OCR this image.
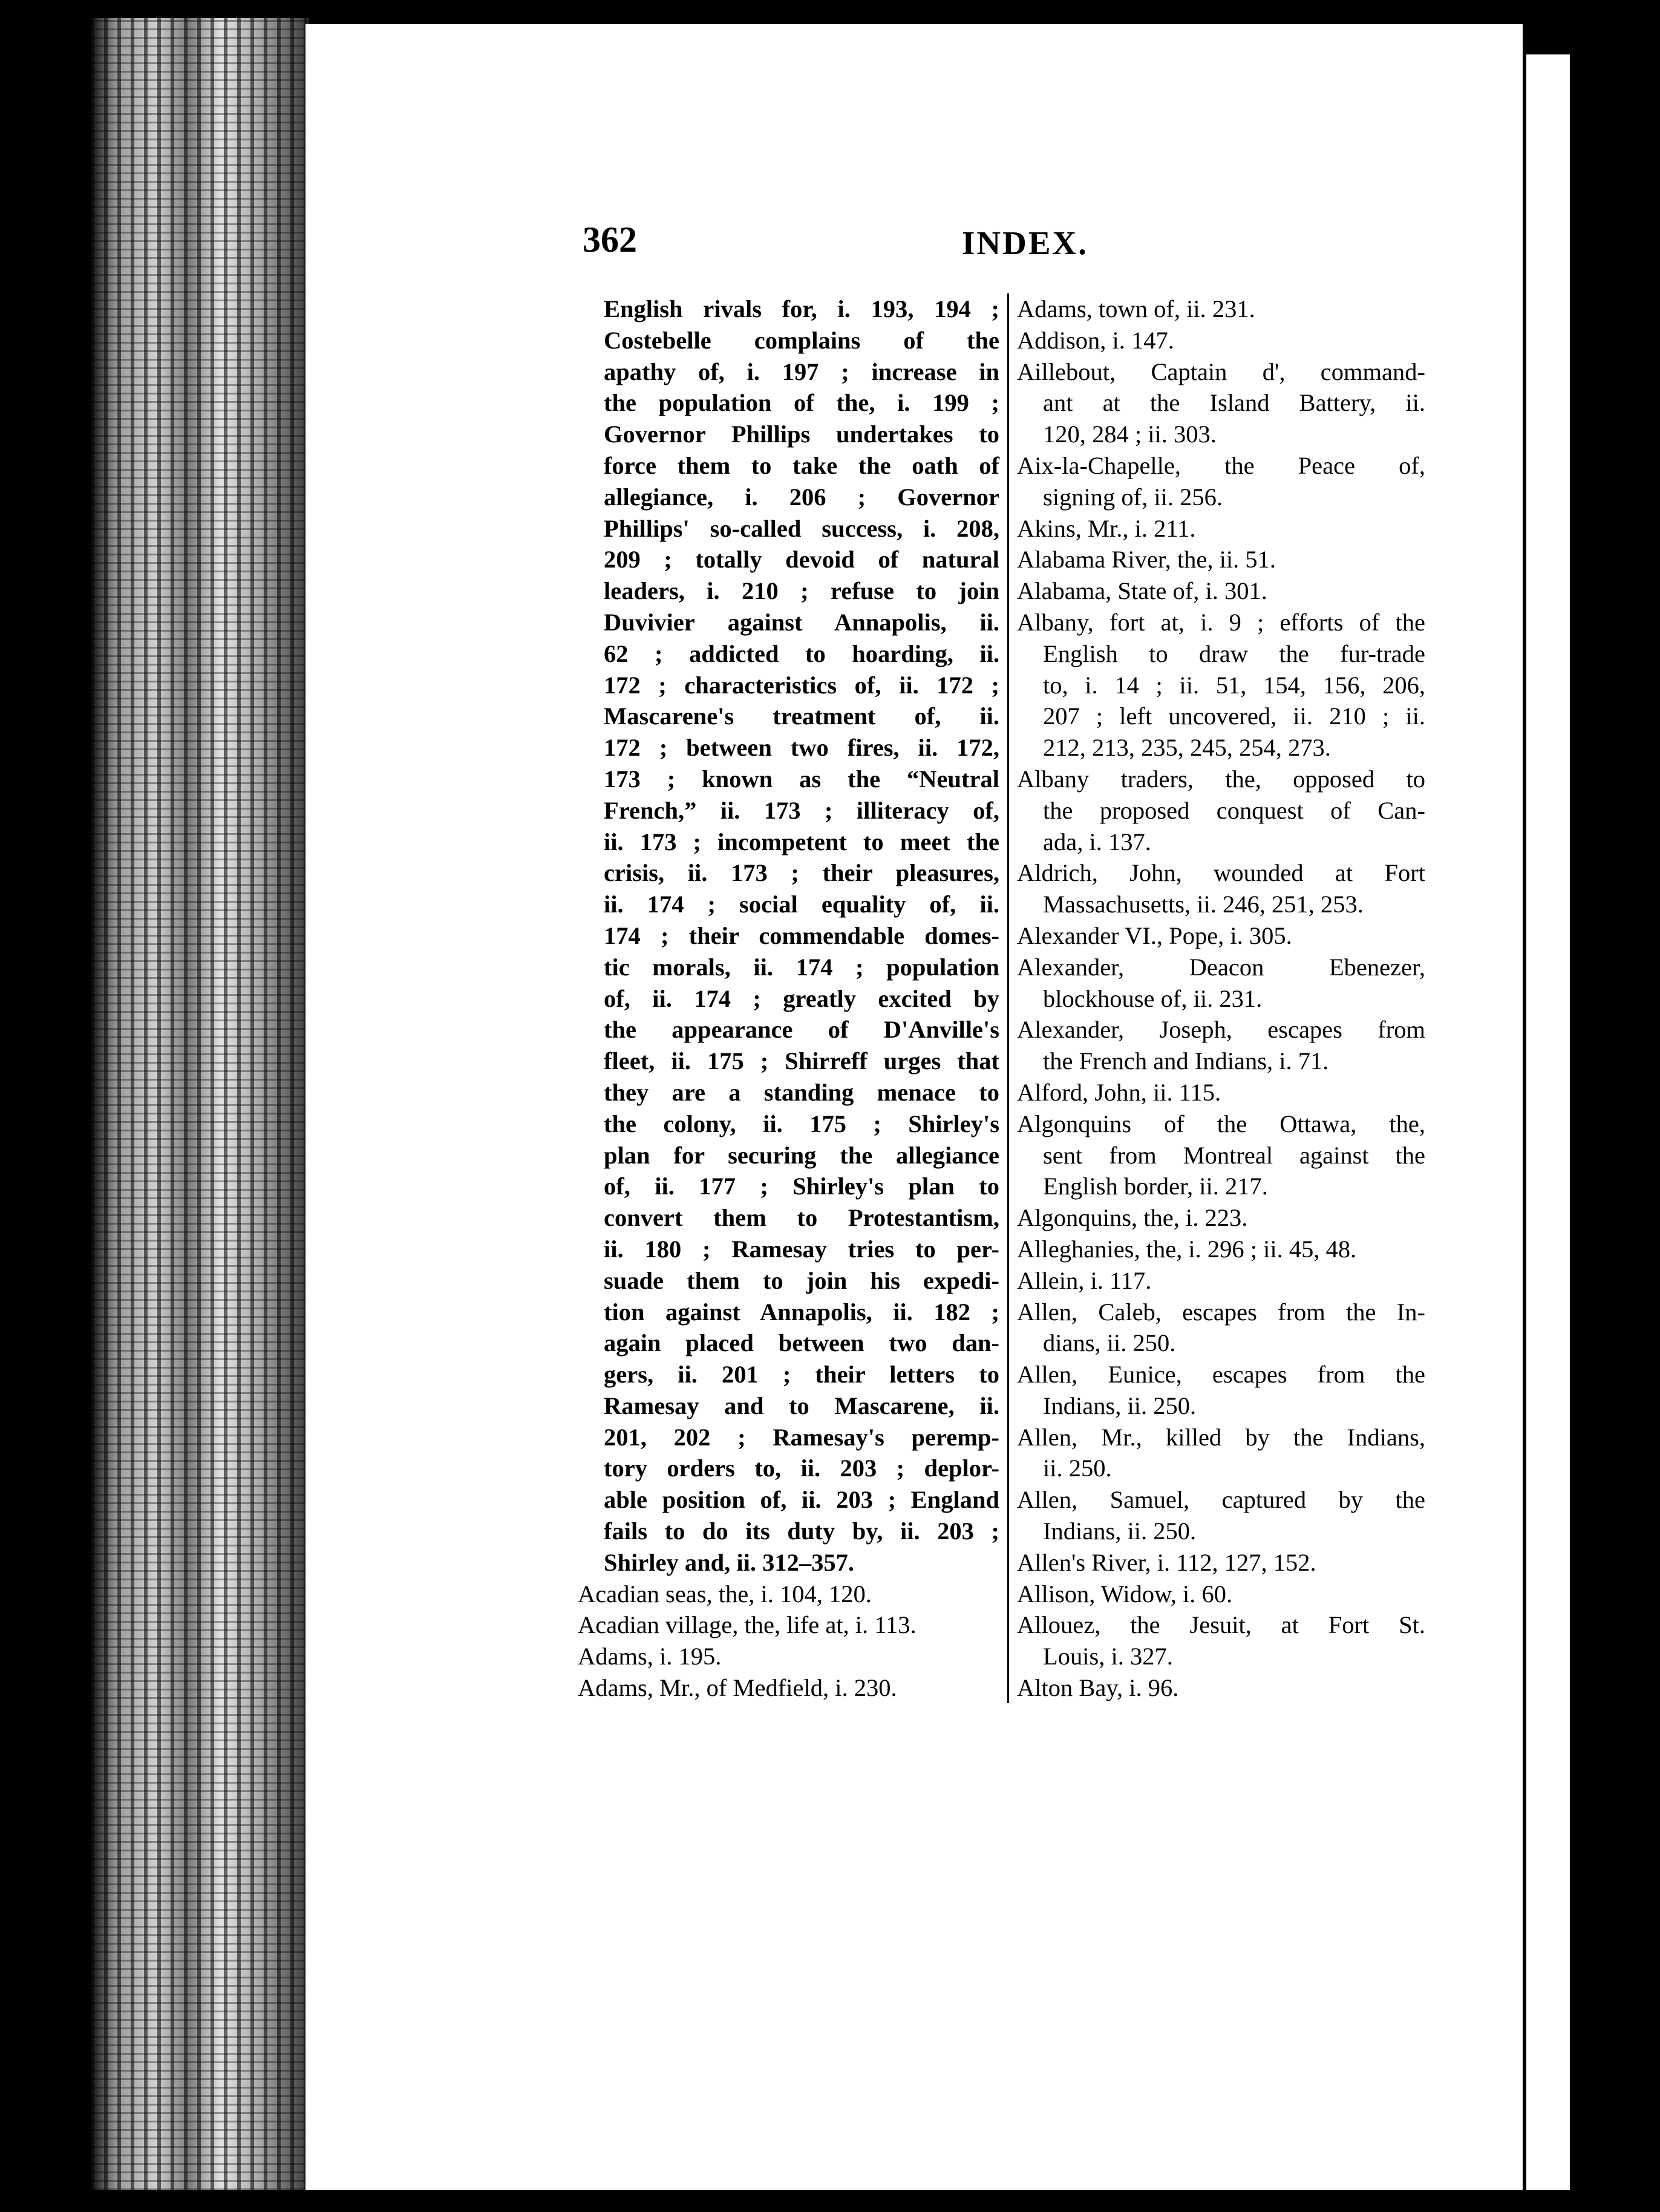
362	INDEX.
English rivals for, i. 193, 194 ;
Costebelle complains of the
apathy of, i. 197 ; increase in
the population of the, i. 199 ;
Governor Phillips undertakes to
force them to take the oath of
allegiance, i. 206 ; Governor
Phillips' so-called success, i. 208,
209 ; totally devoid of natural
leaders, i. 210 ; refuse to join
Duvivier against Annapolis, ii.
62 ; addicted to hoarding, ii.
172 ; characteristics of, ii. 172 ;
Mascarene's treatment of, ii.
172 ; between two fires, ii. 172,
173 ; known as the “Neutral
French,” ii. 173 ; illiteracy of,
ii. 173 ; incompetent to meet the
crisis, ii. 173 ; their pleasures,
ii. 174 ; social equality of, ii.
174 ; their commendable domes-
tic morals, ii. 174 ; population
of, ii. 174 ; greatly excited by
the appearance of D'Anville's
fleet, ii. 175 ; Shirreff urges that
they are a standing menace to
the colony, ii. 175 ; Shirley's
plan for securing the allegiance
of, ii. 177 ; Shirley's plan to
convert them to Protestantism,
ii. 180 ; Ramesay tries to per-
suade them to join his expedi-
tion against Annapolis, ii. 182 ;
again placed between two dan-
gers, ii. 201 ; their letters to
Ramesay and to Mascarene, ii.
201, 202 ; Ramesay's peremp-
tory orders to, ii. 203 ; deplor-
able position of, ii. 203 ; England
fails to do its duty by, ii. 203 ;
Shirley and, ii. 312–357.
Acadian seas, the, i. 104, 120.
Acadian village, the, life at, i. 113.
Adams, i. 195.
Adams, Mr., of Medfield, i. 230.
Adams, town of, ii. 231.
Addison, i. 147.
Aillebout, Captain d', command-
ant at the Island Battery, ii.
120, 284 ; ii. 303.
Aix-la-Chapelle, the Peace of,
signing of, ii. 256.
Akins, Mr., i. 211.
Alabama River, the, ii. 51.
Alabama, State of, i. 301.
Albany, fort at, i. 9 ; efforts of the
English to draw the fur-trade
to, i. 14 ; ii. 51, 154, 156, 206,
207 ; left uncovered, ii. 210 ; ii.
212, 213, 235, 245, 254, 273.
Albany traders, the, opposed to
the proposed conquest of Can-
ada, i. 137.
Aldrich, John, wounded at Fort
Massachusetts, ii. 246, 251, 253.
Alexander VI., Pope, i. 305.
Alexander, Deacon Ebenezer,
blockhouse of, ii. 231.
Alexander, Joseph, escapes from
the French and Indians, i. 71.
Alford, John, ii. 115.
Algonquins of the Ottawa, the,
sent from Montreal against the
English border, ii. 217.
Algonquins, the, i. 223.
Alleghanies, the, i. 296 ; ii. 45, 48.
Allein, i. 117.
Allen, Caleb, escapes from the In-
dians, ii. 250.
Allen, Eunice, escapes from the
Indians, ii. 250.
Allen, Mr., killed by the Indians,
ii. 250.
Allen, Samuel, captured by the
Indians, ii. 250.
Allen's River, i. 112, 127, 152.
Allison, Widow, i. 60.
Allouez, the Jesuit, at Fort St.
Louis, i. 327.
Alton Bay, i. 96.
